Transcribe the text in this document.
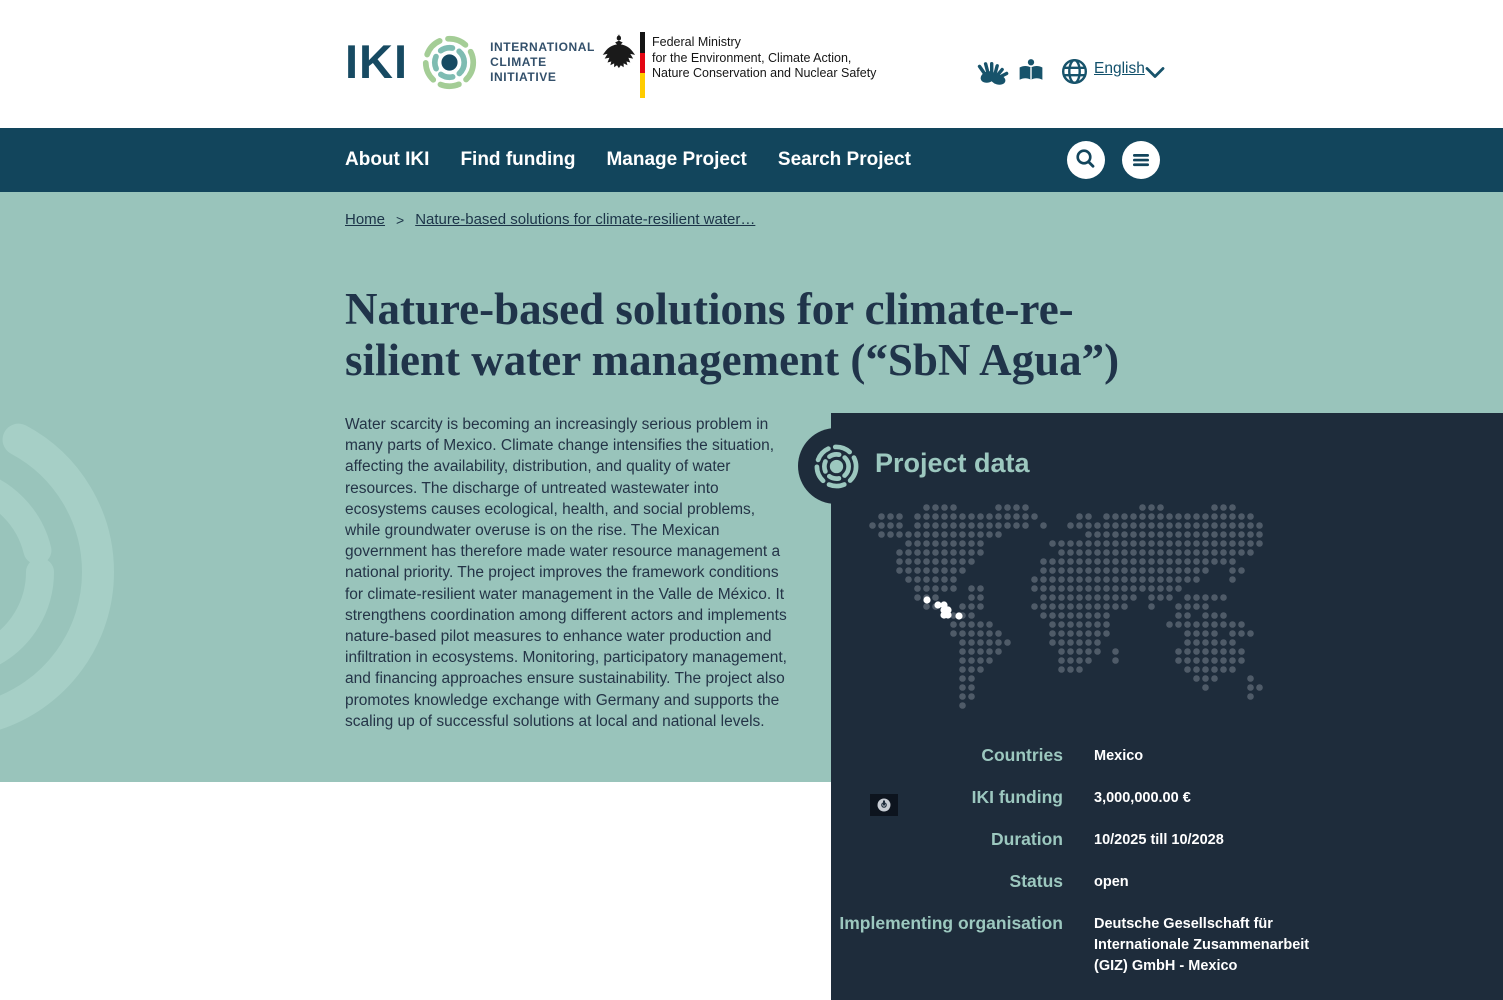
IKI	INTERNATIONAL
CLIMATE
INITIATIVE
Federal Ministry
for the Environment, Climate Action,
Nature Conservation and Nuclear Safety	English
About IKI Find funding Manage Project Search Project
Home > Nature-based solutions for climate-resilient water…
Nature-based solutions for climate-re-
silient water management (“SbN Agua”)

Water scarcity is becoming an increasingly serious problem in many parts of Mexico. Climate change intensifies the situation, affecting the availability, distribution, and quality of water resources. The discharge of untreated wastewater into ecosystems causes ecological, health, and social problems, while groundwater overuse is on the rise. The Mexican government has therefore made water resource management a national priority. The project improves the framework conditions for climate-resilient water management in the Valle de México. It strengthens coordination among different actors and implements nature-based pilot measures to enhance water production and infiltration in ecosystems. Monitoring, participatory management, and financing approaches ensure sustainability. The project also promotes knowledge exchange with Germany and supports the scaling up of successful solutions at local and national levels.

Project data
Countries Mexico
IKI funding 3,000,000.00 €
Duration 10/2025 till 10/2028
Status open
Implementing organisation Deutsche Gesellschaft für Internationale Zusammenarbeit (GIZ) GmbH - Mexico
